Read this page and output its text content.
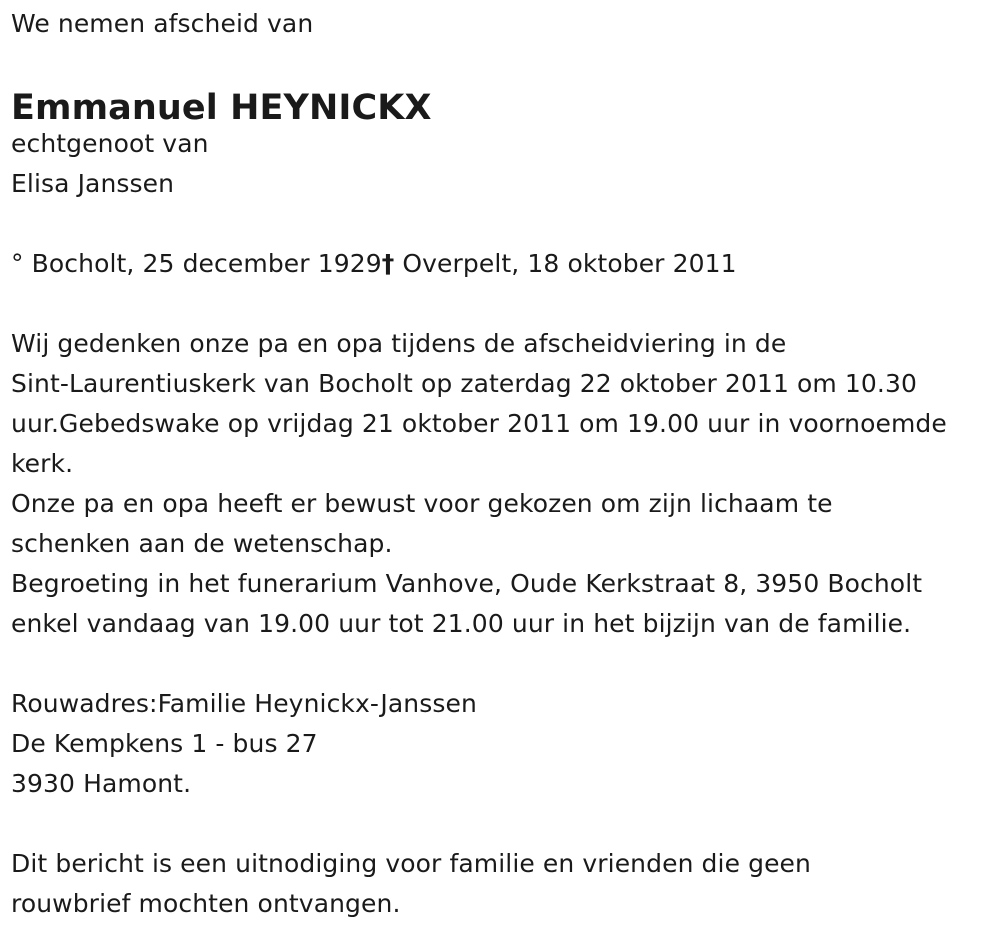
We nemen afscheid van
Emmanuel HEYNICKX
echtgenoot van
Elisa Janssen
° Bocholt, 25 december 1929† Overpelt, 18 oktober 2011
Wij gedenken onze pa en opa tijdens de afscheidviering in de
Sint-Laurentiuskerk van Bocholt op zaterdag 22 oktober 2011 om 10.30
uur.Gebedswake op vrijdag 21 oktober 2011 om 19.00 uur in voornoemde
kerk.
Onze pa en opa heeft er bewust voor gekozen om zijn lichaam te
schenken aan de wetenschap.
Begroeting in het funerarium Vanhove, Oude Kerkstraat 8, 3950 Bocholt
enkel vandaag van 19.00 uur tot 21.00 uur in het bijzijn van de familie.
Rouwadres:Familie Heynickx-Janssen
De Kempkens 1 - bus 27
3930 Hamont.
Dit bericht is een uitnodiging voor familie en vrienden die geen
rouwbrief mochten ontvangen.
